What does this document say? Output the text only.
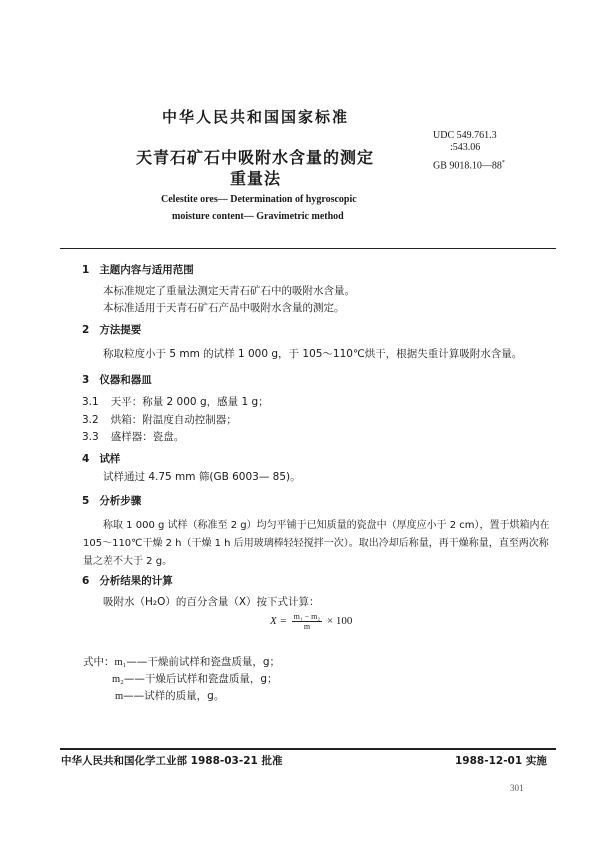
中华人民共和国国家标准
天青石矿石中吸附水含量的测定
重量法
Celestite ores— Determination of hygroscopic
moisture content— Gravimetric method
UDC 549.761.3
:543.06
GB 9018.10—88*
1 主题内容与适用范围
本标准规定了重量法测定天青石矿石中的吸附水含量。
本标准适用于天青石矿石产品中吸附水含量的测定。
2 方法提要
称取粒度小于 5 mm 的试样 1 000 g，于 105～110℃烘干，根据失重计算吸附水含量。
3 仪器和器皿
3.1 天平：称量 2 000 g，感量 1 g；
3.2 烘箱：附温度自动控制器；
3.3 盛样器：瓷盘。
4 试样
试样通过 4.75 mm 筛(GB 6003— 85)。
5 分析步骤
称取 1 000 g 试样（称准至 2 g）均匀平铺于已知质量的瓷盘中（厚度应小于 2 cm），置于烘箱内在
105～110℃干燥 2 h（干燥 1 h 后用玻璃棒轻轻搅拌一次）。取出冷却后称量，再干燥称量，直至两次称
量之差不大于 2 g。
6 分析结果的计算
吸附水（H₂O）的百分含量（X）按下式计算：
$X = \frac{\text{m₁ − m₂}}{m} \times 100$
式中：m₁——干燥前试样和瓷盘质量，g；
m₂——干燥后试样和瓷盘质量，g；
m——试样的质量，g。
中华人民共和国化学工业部 1988-03-21 批准	1988-12-01 实施
301
